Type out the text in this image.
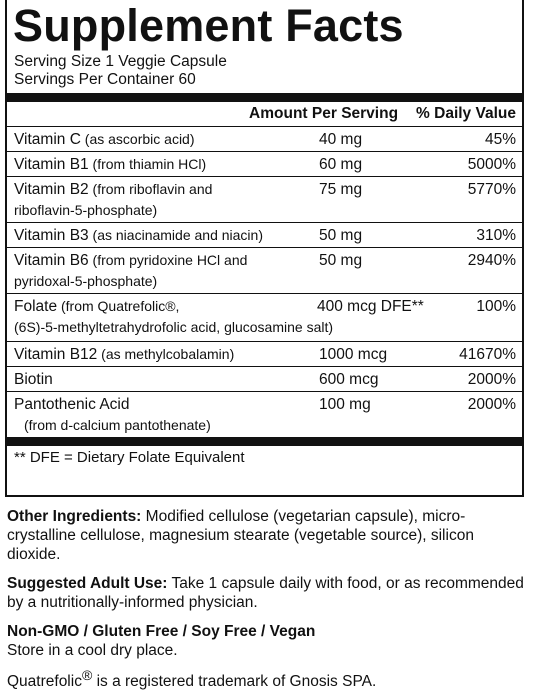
Supplement Facts
Serving Size 1 Veggie Capsule
Servings Per Container 60
Amount Per Serving % Daily Value
Vitamin C (as ascorbic acid)	40 mg	45%
Vitamin B1 (from thiamin HCl)	60 mg	5000%
Vitamin B2 (from riboflavin and
riboflavin-5-phosphate)
75 mg	5770%
Vitamin B3 (as niacinamide and niacin)	50 mg	310%
Vitamin B6 (from pyridoxine HCl and
pyridoxal-5-phosphate)
50 mg	2940%
Folate (from Quatrefolic®,
(6S)-5-methyltetrahydrofolic acid, glucosamine salt)
400 mcg DFE**	100%
Vitamin B12 (as methylcobalamin)	1000 mcg	41670%
Biotin	600 mcg	2000%
Pantothenic Acid
(from d-calcium pantothenate)
100 mg	2000%
** DFE = Dietary Folate Equivalent

Other Ingredients: Modified cellulose (vegetarian capsule), micro-crystalline cellulose, magnesium stearate (vegetable source), silicon dioxide.

Suggested Adult Use: Take 1 capsule daily with food, or as recommended by a nutritionally-informed physician.

Non-GMO / Gluten Free / Soy Free / Vegan

Store in a cool dry place.

Quatrefolic® is a registered trademark of Gnosis SPA.
